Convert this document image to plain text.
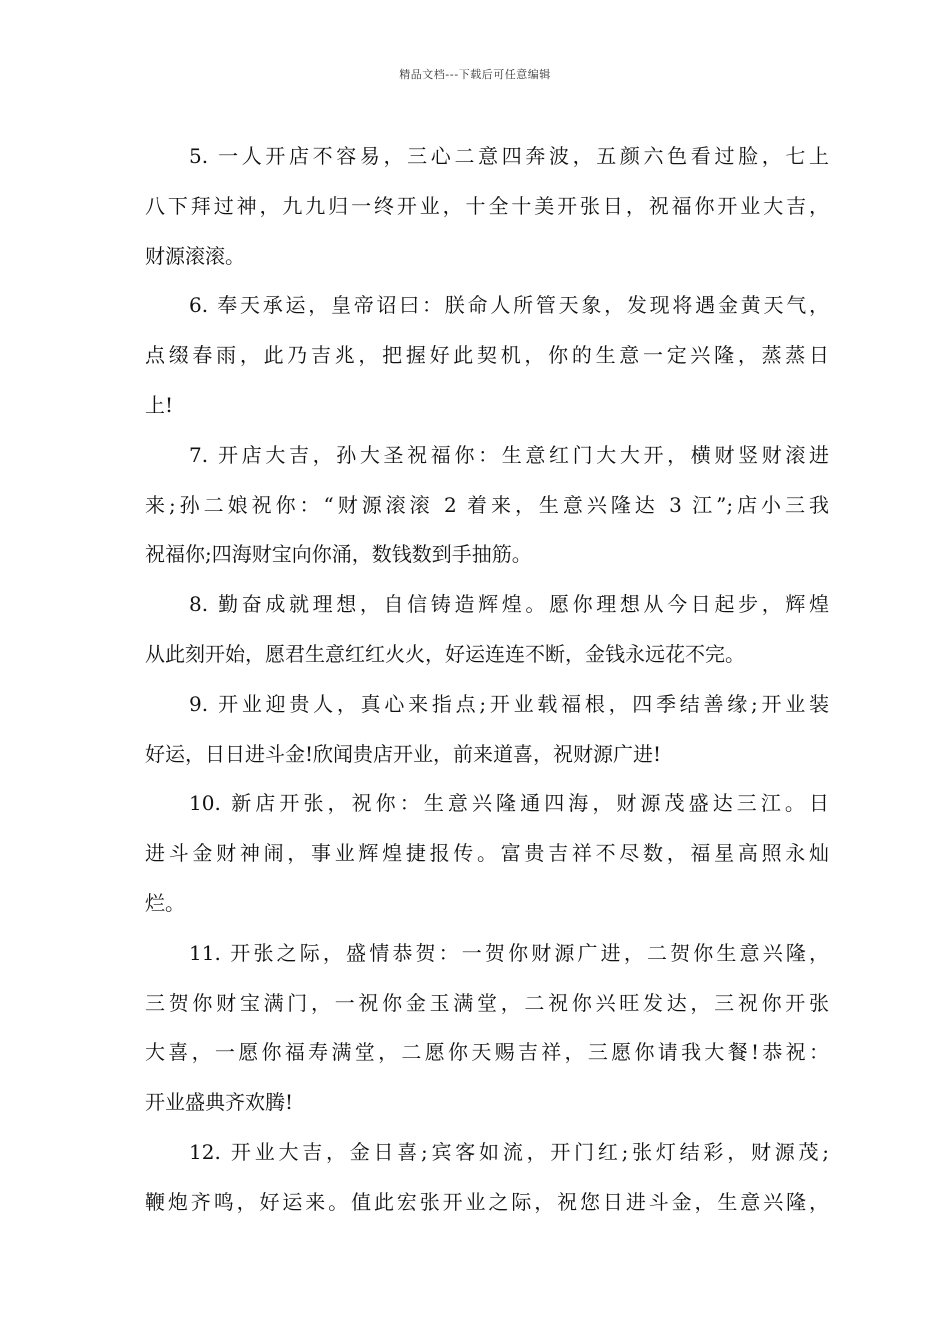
精品文档---下载后可任意编辑
5. 一人开店不容易，三心二意四奔波，五颜六色看过脸，七上
八下拜过神，九九归一终开业，十全十美开张日，祝福你开业大吉，
财源滚滚。
6. 奉天承运，皇帝诏曰：朕命人所管天象，发现将遇金黄天气，
点缀春雨，此乃吉兆，把握好此契机，你的生意一定兴隆，蒸蒸日
上!
7. 开店大吉，孙大圣祝福你：生意红门大大开，横财竖财滚进
来;孙二娘祝你：“财源滚滚 2 着来，生意兴隆达 3 江”;店小三我
祝福你;四海财宝向你涌，数钱数到手抽筋。
8. 勤奋成就理想，自信铸造辉煌。愿你理想从今日起步，辉煌
从此刻开始，愿君生意红红火火，好运连连不断，金钱永远花不完。
9. 开业迎贵人，真心来指点;开业载福根，四季结善缘;开业装
好运，日日进斗金!欣闻贵店开业，前来道喜，祝财源广进!
10. 新店开张，祝你：生意兴隆通四海，财源茂盛达三江。日
进斗金财神闹，事业辉煌捷报传。富贵吉祥不尽数，福星高照永灿
烂。
11. 开张之际，盛情恭贺：一贺你财源广进，二贺你生意兴隆，
三贺你财宝满门，一祝你金玉满堂，二祝你兴旺发达，三祝你开张
大喜，一愿你福寿满堂，二愿你天赐吉祥，三愿你请我大餐!恭祝：
开业盛典齐欢腾!
12. 开业大吉，金日喜;宾客如流，开门红;张灯结彩，财源茂;
鞭炮齐鸣，好运来。值此宏张开业之际，祝您日进斗金，生意兴隆，
